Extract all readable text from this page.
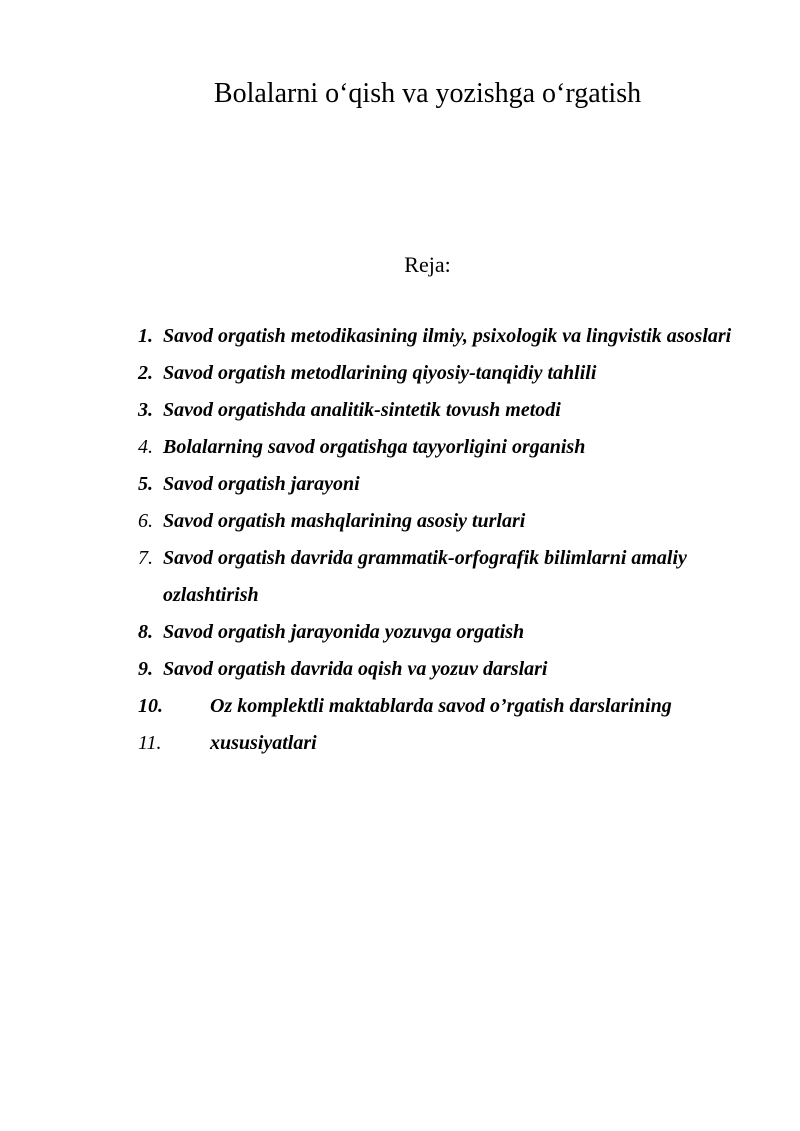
Bolalarni o‘qish va yozishga o‘rgatish
Reja:
1. Savod orgatish metodikasining ilmiy, psixologik va lingvistik asoslari
2. Savod orgatish metodlarining qiyosiy-tanqidiy tahlili
3. Savod orgatishda analitik-sintetik tovush metodi
4. Bolalarning savod orgatishga tayyorligini organish
5. Savod orgatish jarayoni
6. Savod orgatish mashqlarining asosiy turlari
7. Savod orgatish davrida grammatik-orfografik bilimlarni amaliy ozlashtirish
8. Savod orgatish jarayonida yozuvga orgatish
9. Savod orgatish davrida oqish va yozuv darslari
10. Oz komplektli maktablarda savod o’rgatish darslarining
11. xususiyatlari
